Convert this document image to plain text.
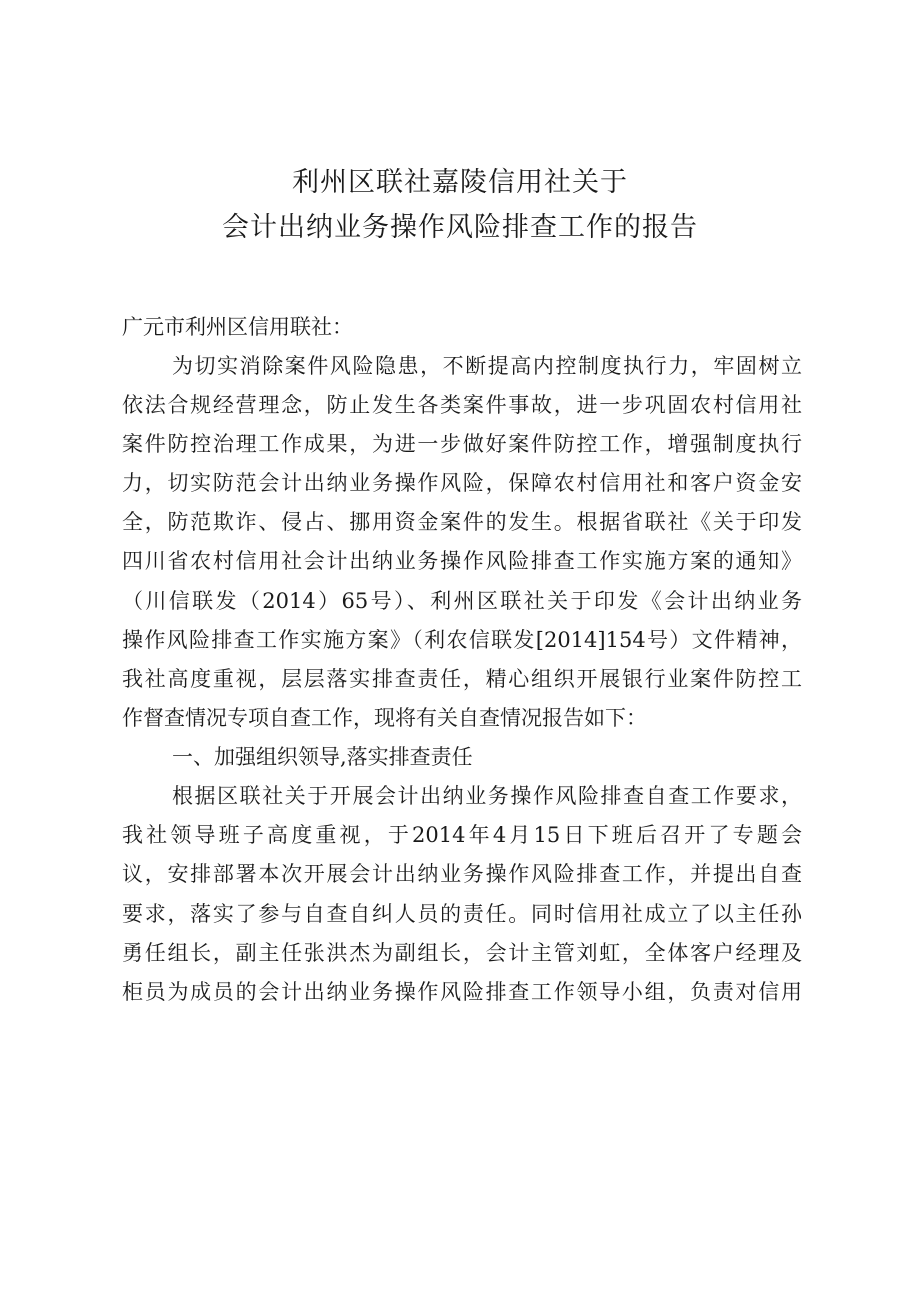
利州区联社嘉陵信用社关于
会计出纳业务操作风险排查工作的报告

广元市利州区信用联社：

为切实消除案件风险隐患，不断提高内控制度执行力，牢固树立

依法合规经营理念，防止发生各类案件事故，进一步巩固农村信用社

案件防控治理工作成果，为进一步做好案件防控工作，增强制度执行

力，切实防范会计出纳业务操作风险，保障农村信用社和客户资金安

全，防范欺诈、侵占、挪用资金案件的发生。根据省联社《关于印发

四川省农村信用社会计出纳业务操作风险排查工作实施方案的通知》

（川信联发（2014）65号）、利州区联社关于印发《会计出纳业务

操作风险排查工作实施方案》（利农信联发[2014]154号）文件精神，

我社高度重视，层层落实排查责任，精心组织开展银行业案件防控工

作督查情况专项自查工作，现将有关自查情况报告如下：

一、加强组织领导,落实排查责任

根据区联社关于开展会计出纳业务操作风险排查自查工作要求，

我社领导班子高度重视，于2014年4月15日下班后召开了专题会

议，安排部署本次开展会计出纳业务操作风险排查工作，并提出自查

要求，落实了参与自查自纠人员的责任。同时信用社成立了以主任孙

勇任组长，副主任张洪杰为副组长，会计主管刘虹，全体客户经理及

柜员为成员的会计出纳业务操作风险排查工作领导小组，负责对信用
